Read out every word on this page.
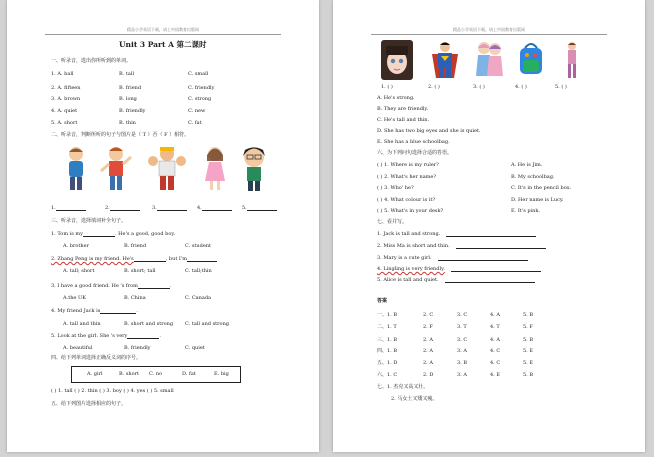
精品小学英语下载，请上中国教育出版网
Unit 3 Part A 第二课时
一、听录音，选出你所听到的单词。
1. A. ball	B. tall	C. small
2. A. fifteen	B. friend	C. friendly
3. A. brown	B. long	C. strong
4. A. quiet	B. friendly	C. new
5. A. short	B. thin	C. fat
二、听录音，判断所听的句子与图片是（ T ）否（ F ）相符。
1.	2.	3.	4.	5.
三、听录音，选择填词补全句子。
1. Tom is my	. He's a good, good boy.
A. brother	B. friend	C. student
2. Zhang Peng is my friend. He's	, but I'm
A. tall; short	B. short; tall	C. tall;thin
3. I have a good friend. He 's from	.
A.the UK	B. China	C. Canada
4. My friend Jack is	.
A. tall and thin	B. short and strong C. tall and strong
5. Look at the girl. She 's very	.
A. beautiful	B. friendly	C. quiet
四、给下列单词选择正确反义词的序号。
A. girl	B. short C. no	D. fat	E. big
( ) 1. tall ( ) 2. thin ( ) 3. boy ( ) 4. yes ( ) 5. small
五、给下列图片选择相应的句子。
精品小学英语下载，请上中国教育出版网
1. ( )	2. ( )	3. ( )	4. ( )	5. ( )
A. He's strong.
B. They are friendly.
C. He's tall and thin.
D. She has two big eyes and she is quiet.
E. She has a blue schoolbag.
六、为下列问句选择合适的答语。
( ) 1. Where is my ruler?	A. He is Jim.
( ) 2. What's her name?	B. My schoolbag.
( ) 3. Who' he?	C. It's in the pencil box.
( ) 4. What colour is it?	D. Her name is Lucy.
( ) 5. What's in your desk?	E. It's pink.
七、看并写。
1. Jack is tall and strong.
2. Miss Ma is short and thin.
3. Mary is a cute girl.
4. Lingling is very friendly.
5. Alice is tall and quiet.
答案
一、1. B	2. C	3. C	4. A	5. B
二、1. T	2. F	3. T	4. T	5. F
三、1. B	2. A	3. C	4. A	5. B
四、1. B	2. A	3. A	4. C	5. E
五、1. D	2. A	3. B	4. C	5. E
六、1. C	2. D	3. A	4. E	5. B
七、1. 杰克又高又壮。
2. 马女士又矮又瘦。
